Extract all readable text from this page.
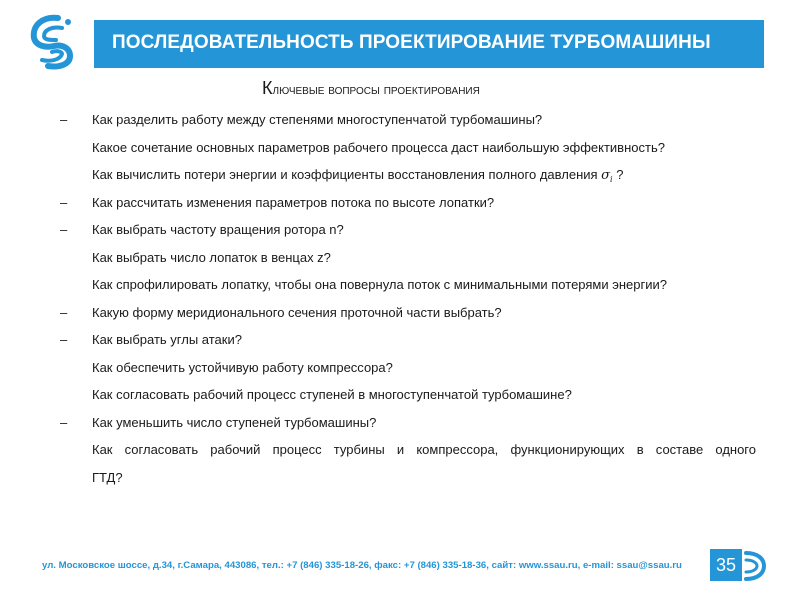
ПОСЛЕДОВАТЕЛЬНОСТЬ ПРОЕКТИРОВАНИЕ ТУРБОМАШИНЫ
Ключевые вопросы проектирования
– Как разделить работу между степенями многоступенчатой турбомашины?
Какое сочетание основных параметров рабочего процесса даст наибольшую эффективность?
Как вычислить потери энергии и коэффициенты восстановления полного давления $\sigma_i$ ?
– Как рассчитать изменения параметров потока по высоте лопатки?
– Как выбрать частоту вращения ротора n?
Как выбрать число лопаток в венцах z?
Как спрофилировать лопатку, чтобы она повернула поток с минимальными потерями энергии?
– Какую форму меридионального сечения проточной части выбрать?
– Как выбрать углы атаки?
Как обеспечить устойчивую работу компрессора?
Как согласовать рабочий процесс ступеней в многоступенчатой турбомашине?
– Как уменьшить число ступеней турбомашины?
Как согласовать рабочий процесс турбины и компрессора, функционирующих в составе одного
ГТД?
ул. Московское шоссе, д.34, г.Самара, 443086, тел.: +7 (846) 335-18-26, факс: +7 (846) 335-18-36, сайт: www.ssau.ru, e-mail: ssau@ssau.ru	35
